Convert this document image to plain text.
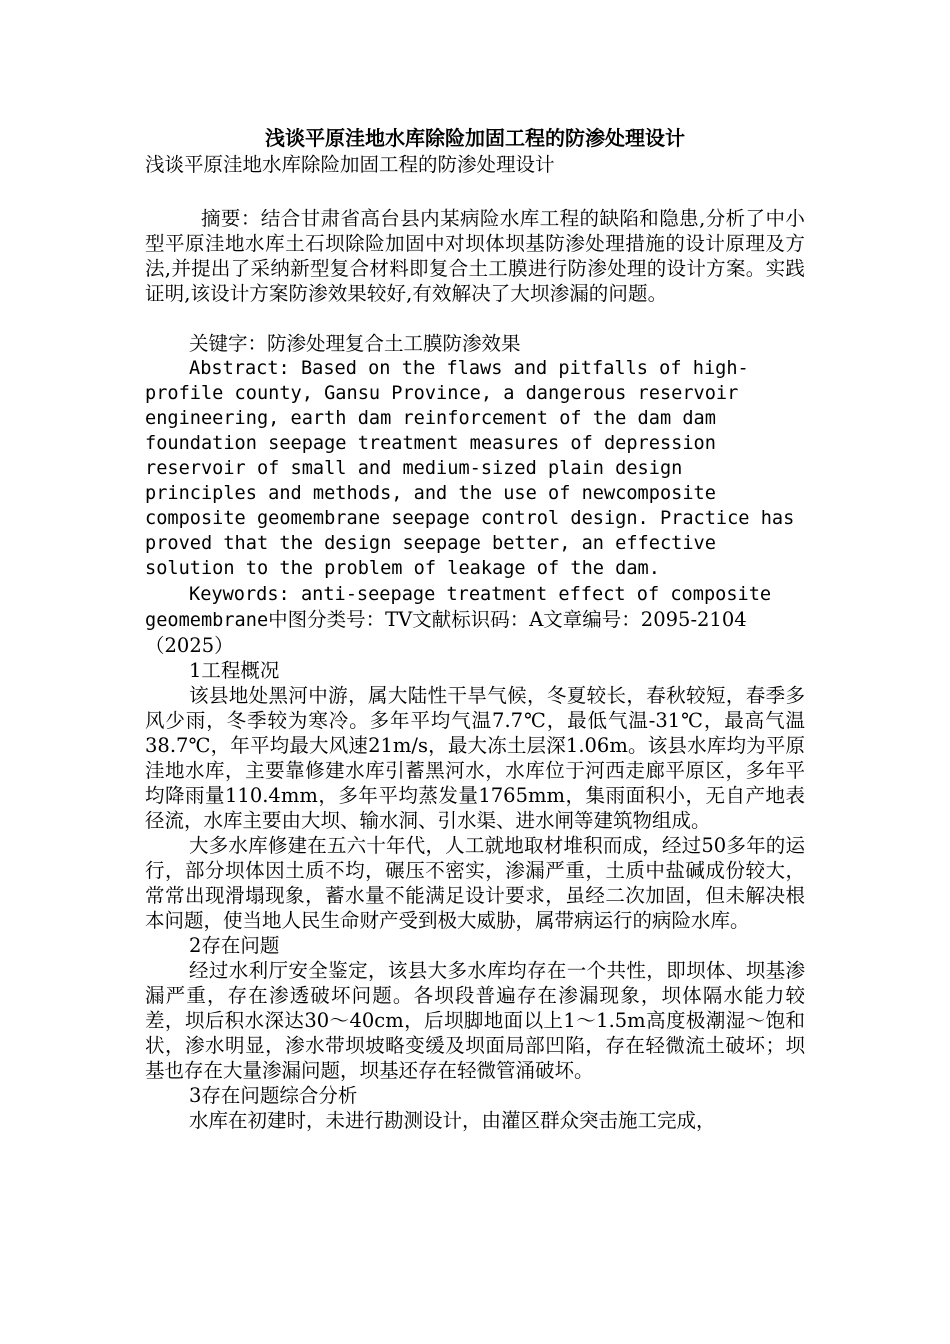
浅谈平原洼地水库除险加固工程的防渗处理设计

浅谈平原洼地水库除险加固工程的防渗处理设计

摘要：结合甘肃省高台县内某病险水库工程的缺陷和隐患,分析了中小型平原洼地水库土石坝除险加固中对坝体坝基防渗处理措施的设计原理及方法,并提出了采纳新型复合材料即复合土工膜进行防渗处理的设计方案。实践证明,该设计方案防渗效果较好,有效解决了大坝渗漏的问题。

关键字：防渗处理复合土工膜防渗效果

Abstract: Based on the flaws and pitfalls of high-profile county, Gansu Province, a dangerous reservoir engineering, earth dam reinforcement of the dam dam foundation seepage treatment measures of depression reservoir of small and medium-sized plain design principles and methods, and the use of newcomposite composite geomembrane seepage control design. Practice has proved that the design seepage better, an effective solution to the problem of leakage of the dam.

Keywords: anti-seepage treatment effect of composite geomembrane中图分类号：TV文献标识码：A文章编号：2095-2104（2025）

1工程概况

该县地处黑河中游，属大陆性干旱气候，冬夏较长，春秋较短，春季多风少雨，冬季较为寒冷。多年平均气温7.7℃，最低气温-31℃，最高气温38.7℃，年平均最大风速21m/s，最大冻土层深1.06m。该县水库均为平原洼地水库，主要靠修建水库引蓄黑河水，水库位于河西走廊平原区，多年平均降雨量110.4mm，多年平均蒸发量1765mm，集雨面积小，无自产地表径流，水库主要由大坝、输水洞、引水渠、进水闸等建筑物组成。

大多水库修建在五六十年代，人工就地取材堆积而成，经过50多年的运行，部分坝体因土质不均，碾压不密实，渗漏严重，土质中盐碱成份较大，常常出现滑塌现象，蓄水量不能满足设计要求，虽经二次加固，但未解决根本问题，使当地人民生命财产受到极大威胁，属带病运行的病险水库。

2存在问题

经过水利厅安全鉴定，该县大多水库均存在一个共性，即坝体、坝基渗漏严重，存在渗透破坏问题。各坝段普遍存在渗漏现象，坝体隔水能力较差，坝后积水深达30～40cm，后坝脚地面以上1～1.5m高度极潮湿～饱和状，渗水明显，渗水带坝坡略变缓及坝面局部凹陷，存在轻微流土破坏；坝基也存在大量渗漏问题，坝基还存在轻微管涌破坏。

3存在问题综合分析

水库在初建时，未进行勘测设计，由灌区群众突击施工完成，
